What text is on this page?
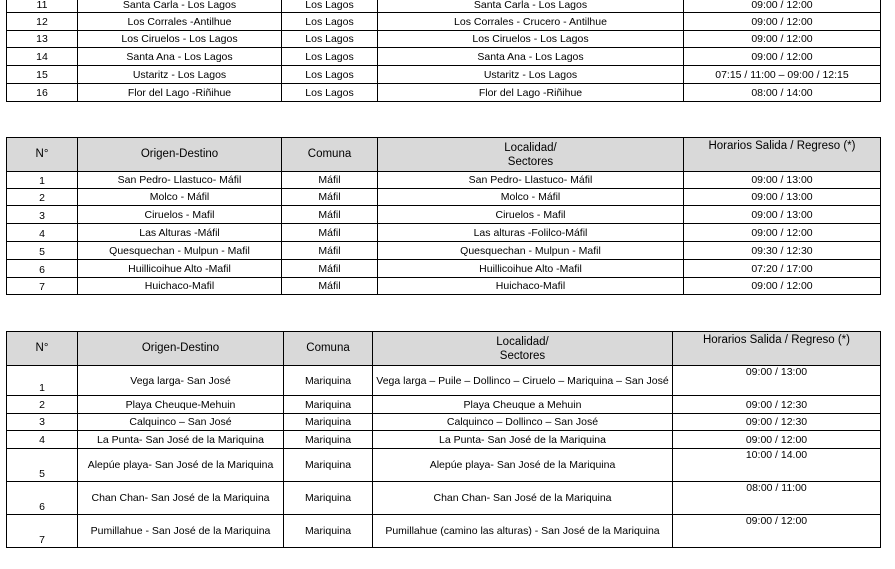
11	Santa Carla - Los Lagos	Los Lagos	Santa Carla - Los Lagos	09:00 / 12:00
12	Los Corrales -Antilhue	Los Lagos	Los Corrales - Crucero - Antilhue	09:00 / 12:00
13	Los Ciruelos - Los Lagos	Los Lagos	Los Ciruelos - Los Lagos	09:00 / 12:00
14	Santa Ana - Los Lagos	Los Lagos	Santa Ana - Los Lagos	09:00 / 12:00
15	Ustaritz - Los Lagos	Los Lagos	Ustaritz - Los Lagos	07:15 / 11:00 – 09:00 / 12:15
16	Flor del Lago -Riñihue	Los Lagos	Flor del Lago -Riñihue	08:00 / 14:00
N°	Origen-Destino	Comuna	Localidad/ Sectores	Horarios Salida / Regreso (*)
1	San Pedro- Llastuco- Máfil	Máfil	San Pedro- Llastuco- Máfil	09:00 / 13:00
2	Molco - Máfil	Máfil	Molco - Máfil	09:00 / 13:00
3	Ciruelos - Mafil	Máfil	Ciruelos - Mafil	09:00 / 13:00
4	Las Alturas -Máfil	Máfil	Las alturas -Folilco-Máfil	09:00 / 12:00
5	Quesquechan - Mulpun - Mafil	Máfil	Quesquechan - Mulpun - Mafil	09:30 / 12:30
6	Huillicoihue Alto -Mafil	Máfil	Huillicoihue Alto -Mafil	07:20 / 17:00
7	Huichaco-Mafil	Máfil	Huichaco-Mafil	09:00 / 12:00
N°	Origen-Destino	Comuna	Localidad/ Sectores	Horarios Salida / Regreso (*)
1	Vega larga- San José	Mariquina	Vega larga – Puile – Dollinco – Ciruelo – Mariquina – San José	09:00 / 13:00
2	Playa Cheuque-Mehuin	Mariquina	Playa Cheuque a Mehuin	09:00 / 12:30
3	Calquinco – San José	Mariquina	Calquinco – Dollinco – San José	09:00 / 12:30
4	La Punta- San José de la Mariquina	Mariquina	La Punta- San José de la Mariquina	09:00 / 12:00
5	Alepúe playa- San José de la Mariquina	Mariquina	Alepúe playa- San José de la Mariquina	10:00 / 14.00
6	Chan Chan- San José de la Mariquina	Mariquina	Chan Chan- San José de la Mariquina	08:00 / 11:00
7	Pumillahue - San José de la Mariquina	Mariquina	Pumillahue (camino las alturas) - San José de la Mariquina	09:00 / 12:00
